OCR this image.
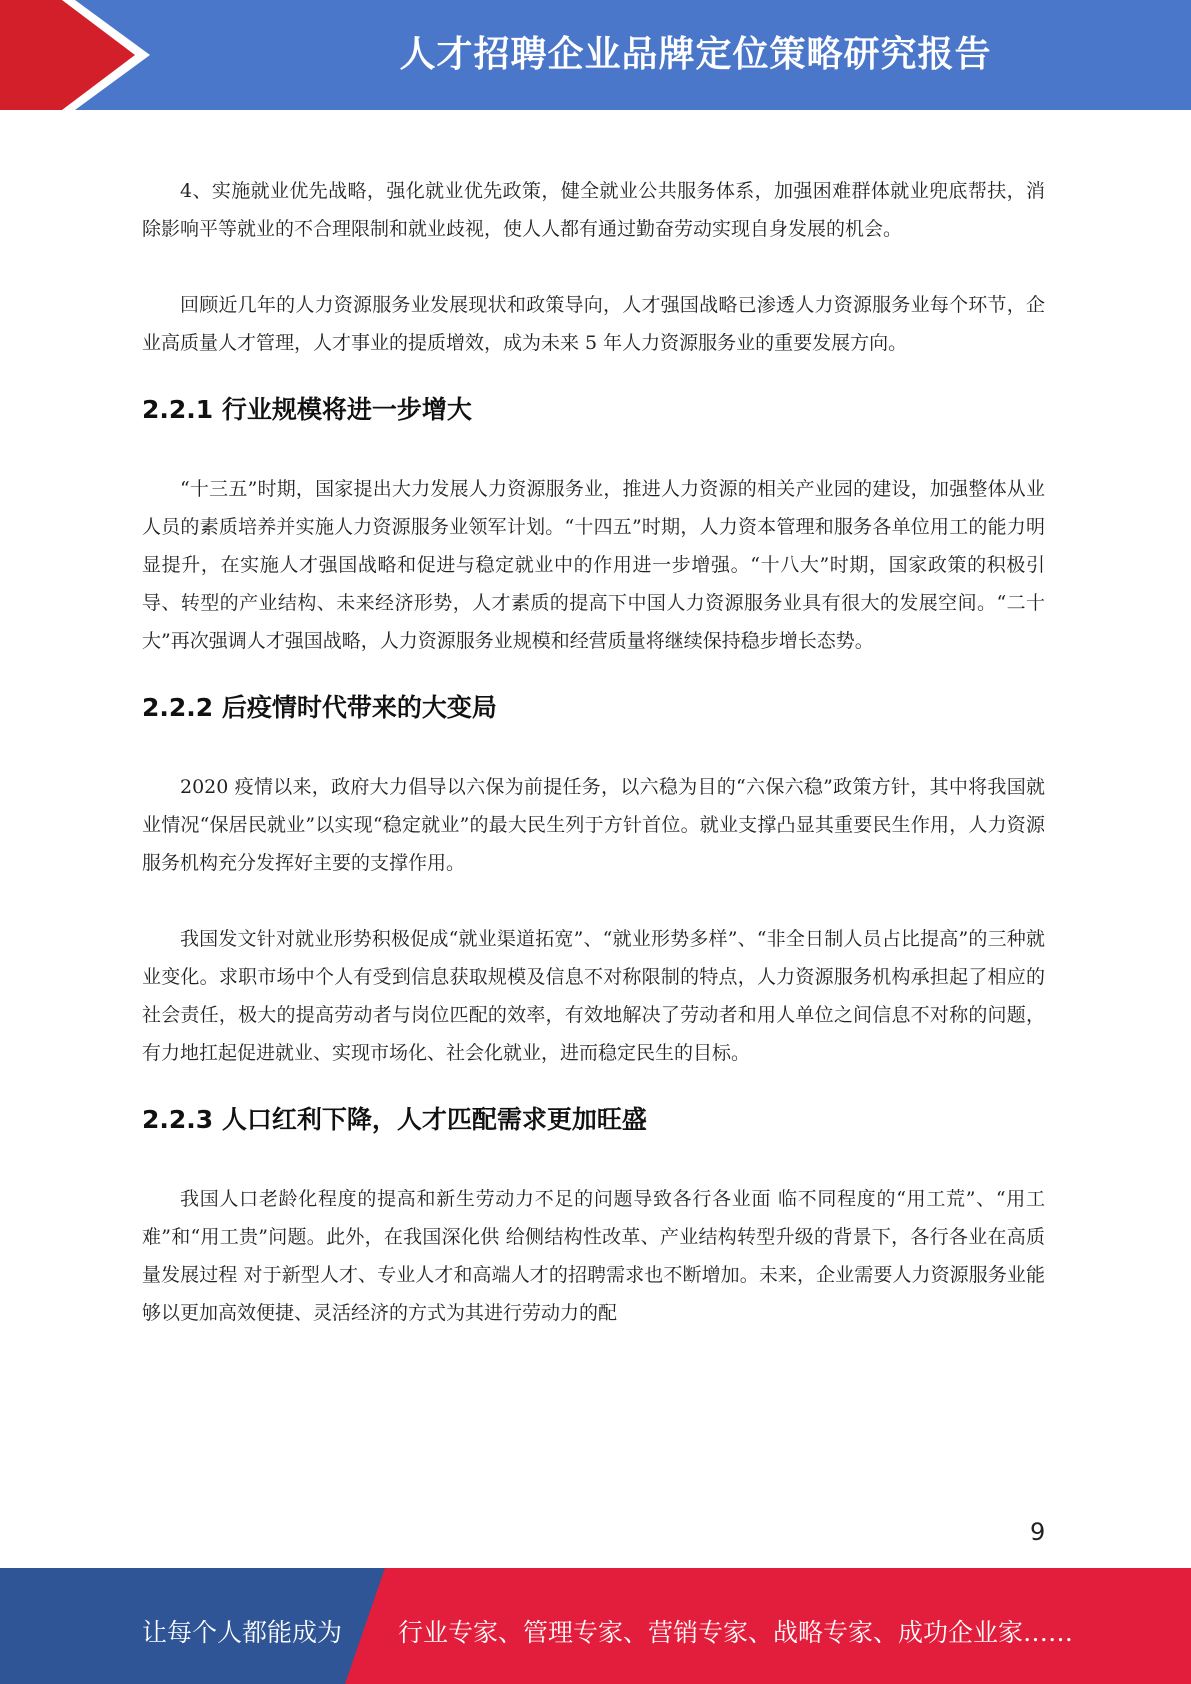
人才招聘企业品牌定位策略研究报告

4、实施就业优先战略，强化就业优先政策，健全就业公共服务体系，加强困难群体就业兜底帮扶，消除影响平等就业的不合理限制和就业歧视，使人人都有通过勤奋劳动实现自身发展的机会。

回顾近几年的人力资源服务业发展现状和政策导向，人才强国战略已渗透人力资源服务业每个环节，企业高质量人才管理，人才事业的提质增效，成为未来 5 年人力资源服务业的重要发展方向。

2.2.1 行业规模将进一步增大

“十三五”时期，国家提出大力发展人力资源服务业，推进人力资源的相关产业园的建设，加强整体从业人员的素质培养并实施人力资源服务业领军计划。“十四五”时期，人力资本管理和服务各单位用工的能力明显提升，在实施人才强国战略和促进与稳定就业中的作用进一步增强。“十八大”时期，国家政策的积极引导、转型的产业结构、未来经济形势，人才素质的提高下中国人力资源服务业具有很大的发展空间。“二十大”再次强调人才强国战略，人力资源服务业规模和经营质量将继续保持稳步增长态势。

2.2.2 后疫情时代带来的大变局

2020 疫情以来，政府大力倡导以六保为前提任务，以六稳为目的“六保六稳”政策方针，其中将我国就业情况“保居民就业”以实现“稳定就业”的最大民生列于方针首位。就业支撑凸显其重要民生作用，人力资源服务机构充分发挥好主要的支撑作用。

我国发文针对就业形势积极促成“就业渠道拓宽”、“就业形势多样”、“非全日制人员占比提高”的三种就业变化。求职市场中个人有受到信息获取规模及信息不对称限制的特点，人力资源服务机构承担起了相应的社会责任，极大的提高劳动者与岗位匹配的效率，有效地解决了劳动者和用人单位之间信息不对称的问题，有力地扛起促进就业、实现市场化、社会化就业，进而稳定民生的目标。

2.2.3 人口红利下降，人才匹配需求更加旺盛

我国人口老龄化程度的提高和新生劳动力不足的问题导致各行各业面 临不同程度的“用工荒”、“用工难”和“用工贵”问题。此外，在我国深化供 给侧结构性改革、产业结构转型升级的背景下，各行各业在高质量发展过程 对于新型人才、专业人才和高端人才的招聘需求也不断增加。未来，企业需要人力资源服务业能够以更加高效便捷、灵活经济的方式为其进行劳动力的配

9
让每个人都能成为 行业专家、管理专家、营销专家、战略专家、成功企业家……
